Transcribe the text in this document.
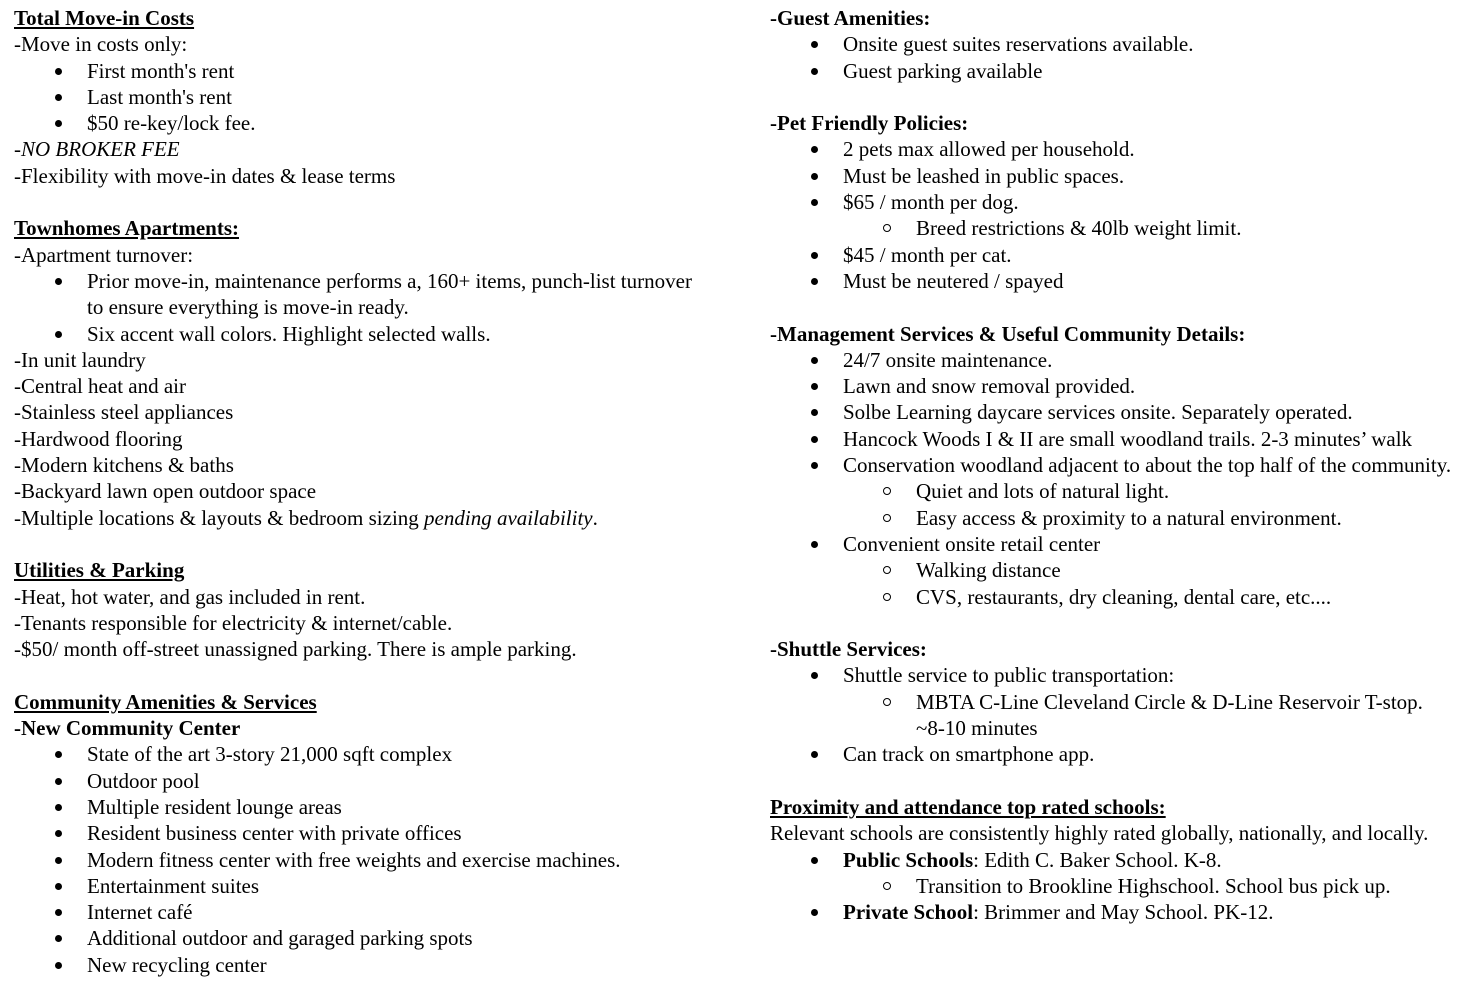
Total Move-in Costs
-Move in costs only:
First month's rent
Last month's rent
$50 re-key/lock fee.
-NO BROKER FEE
-Flexibility with move-in dates & lease terms
Townhomes Apartments:
-Apartment turnover:
Prior move-in, maintenance performs a, 160+ items, punch-list turnover to ensure everything is move-in ready.
Six accent wall colors. Highlight selected walls.
-In unit laundry
-Central heat and air
-Stainless steel appliances
-Hardwood flooring
-Modern kitchens & baths
-Backyard lawn open outdoor space
-Multiple locations & layouts & bedroom sizing pending availability.
Utilities & Parking
-Heat, hot water, and gas included in rent.
-Tenants responsible for electricity & internet/cable.
-$50/ month off-street unassigned parking. There is ample parking.
Community Amenities & Services
-New Community Center
State of the art 3-story 21,000 sqft complex
Outdoor pool
Multiple resident lounge areas
Resident business center with private offices
Modern fitness center with free weights and exercise machines.
Entertainment suites
Internet café
Additional outdoor and garaged parking spots
New recycling center
-Guest Amenities:
Onsite guest suites reservations available.
Guest parking available
-Pet Friendly Policies:
2 pets max allowed per household.
Must be leashed in public spaces.
$65 / month per dog.
Breed restrictions & 40lb weight limit.
$45 / month per cat.
Must be neutered / spayed
-Management Services & Useful Community Details:
24/7 onsite maintenance.
Lawn and snow removal provided.
Solbe Learning daycare services onsite. Separately operated.
Hancock Woods I & II are small woodland trails. 2-3 minutes’ walk
Conservation woodland adjacent to about the top half of the community.
Quiet and lots of natural light.
Easy access & proximity to a natural environment.
Convenient onsite retail center
Walking distance
CVS, restaurants, dry cleaning, dental care, etc....
-Shuttle Services:
Shuttle service to public transportation:
MBTA C-Line Cleveland Circle & D-Line Reservoir T-stop. ~8-10 minutes
Can track on smartphone app.
Proximity and attendance top rated schools:
Relevant schools are consistently highly rated globally, nationally, and locally.
Public Schools: Edith C. Baker School. K-8.
Transition to Brookline Highschool. School bus pick up.
Private School: Brimmer and May School. PK-12.
